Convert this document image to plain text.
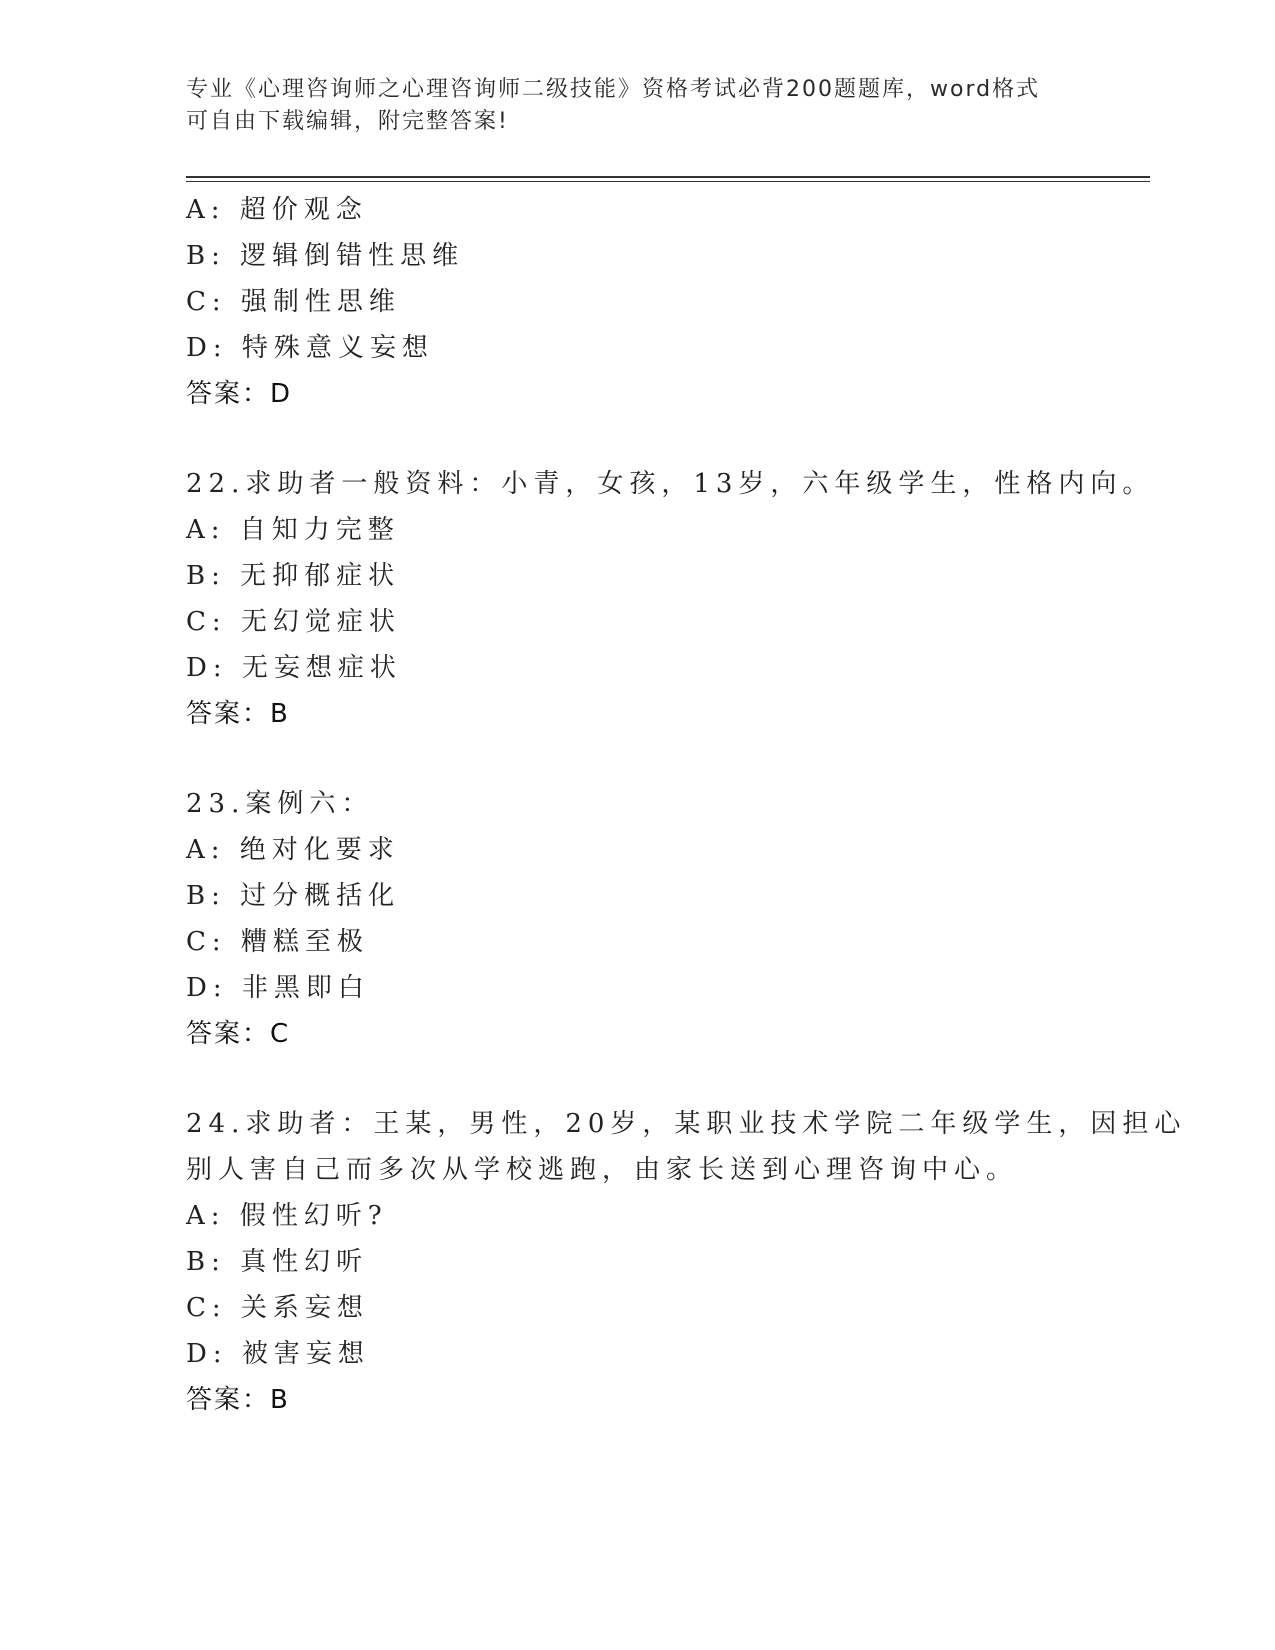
专业《心理咨询师之心理咨询师二级技能》资格考试必背200题题库，word格式
可自由下载编辑，附完整答案!
A: 超价观念
B: 逻辑倒错性思维
C: 强制性思维
D: 特殊意义妄想
答案：D
22.求助者一般资料：小青，女孩，13岁，六年级学生，性格内向。
A: 自知力完整
B: 无抑郁症状
C: 无幻觉症状
D: 无妄想症状
答案：B
23.案例六：
A: 绝对化要求
B: 过分概括化
C: 糟糕至极
D: 非黑即白
答案：C
24.求助者：王某，男性，20岁，某职业技术学院二年级学生，因担心
别人害自己而多次从学校逃跑，由家长送到心理咨询中心。
A: 假性幻听?
B: 真性幻听
C: 关系妄想
D: 被害妄想
答案：B
